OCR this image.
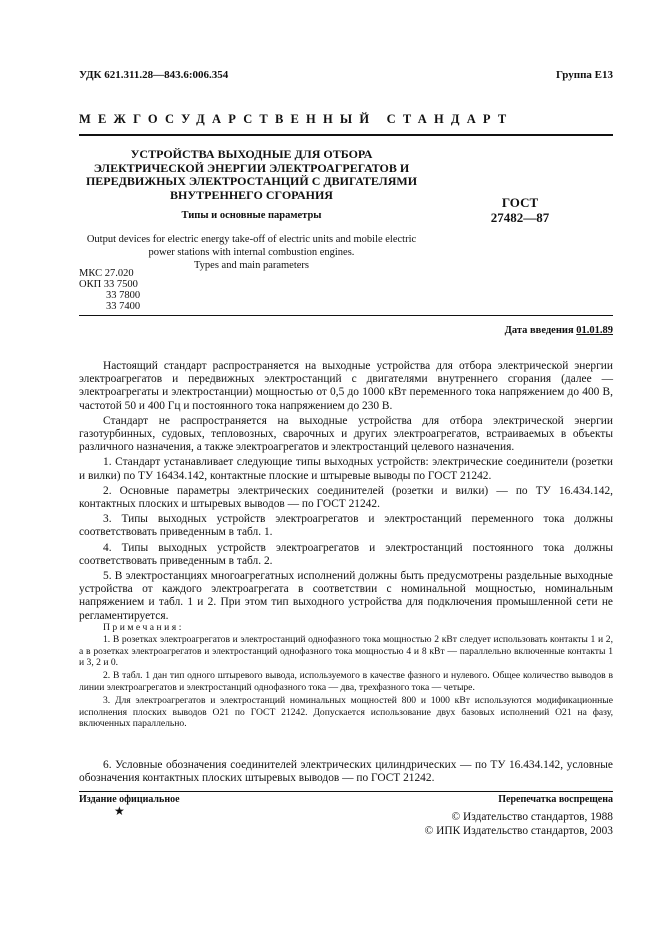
УДК 621.311.28—843.6:006.354	Группа Е13
МЕЖГОСУДАРСТВЕННЫЙ СТАНДАРТ
УСТРОЙСТВА ВЫХОДНЫЕ ДЛЯ ОТБОРА ЭЛЕКТРИЧЕСКОЙ ЭНЕРГИИ ЭЛЕКТРОАГРЕГАТОВ И ПЕРЕДВИЖНЫХ ЭЛЕКТРОСТАНЦИЙ С ДВИГАТЕЛЯМИ ВНУТРЕННЕГО СГОРАНИЯ
Типы и основные параметры
ГОСТ
27482—87
Output devices for electric energy take-off of electric units and mobile electric power stations with internal combustion engines.
Types and main parameters
МКС 27.020
ОКП 33 7500
33 7800
33 7400
Дата введения 01.01.89

Настоящий стандарт распространяется на выходные устройства для отбора электрической энергии электроагрегатов и передвижных электростанций с двигателями внутреннего сгорания (далее — электроагрегаты и электростанции) мощностью от 0,5 до 1000 кВт переменного тока напряжением до 400 В, частотой 50 и 400 Гц и постоянного тока напряжением до 230 В.

Стандарт не распространяется на выходные устройства для отбора электрической энергии газотурбинных, судовых, тепловозных, сварочных и других электроагрегатов, встраиваемых в объекты различного назначения, а также электроагрегатов и электростанций целевого назначения.

1. Стандарт устанавливает следующие типы выходных устройств: электрические соединители (розетки и вилки) по ТУ 16434.142, контактные плоские и штыревые выводы по ГОСТ 21242.

2. Основные параметры электрических соединителей (розетки и вилки) — по ТУ 16.434.142, контактных плоских и штыревых выводов — по ГОСТ 21242.

3. Типы выходных устройств электроагрегатов и электростанций переменного тока должны соответствовать приведенным в табл. 1.

4. Типы выходных устройств электроагрегатов и электростанций постоянного тока должны соответствовать приведенным в табл. 2.

5. В электростанциях многоагрегатных исполнений должны быть предусмотрены раздельные выходные устройства от каждого электроагрегата в соответствии с номинальной мощностью, номинальным напряжением и табл. 1 и 2. При этом тип выходного устройства для подключения промышленной сети не регламентируется.

Примечания:

1. В розетках электроагрегатов и электростанций однофазного тока мощностью 2 кВт следует использовать контакты 1 и 2, а в розетках электроагрегатов и электростанций однофазного тока мощностью 4 и 8 кВт — параллельно включенные контакты 1 и 3, 2 и 0.

2. В табл. 1 дан тип одного штыревого вывода, используемого в качестве фазного и нулевого. Общее количество выводов в линии электроагрегатов и электростанций однофазного тока — два, трехфазного тока — четыре.

3. Для электроагрегатов и электростанций номинальных мощностей 800 и 1000 кВт используются модификационные исполнения плоских выводов О21 по ГОСТ 21242. Допускается использование двух базовых исполнений О21 на фазу, включенных параллельно.

6. Условные обозначения соединителей электрических цилиндрических — по ТУ 16.434.142, условные обозначения контактных плоских штыревых выводов — по ГОСТ 21242.

Издание официальное	Перепечатка воспрещена
★	© Издательство стандартов, 1988
© ИПК Издательство стандартов, 2003
